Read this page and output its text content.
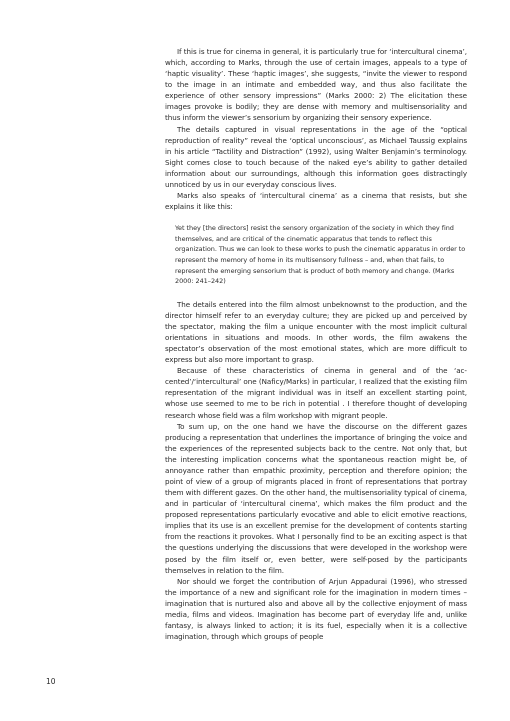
If this is true for cinema in general, it is particularly true for ‘intercultural cinema’, which, according to Marks, through the use of certain images, appeals to a type of ‘haptic visuality’. These ‘haptic images’, she suggests, “invite the viewer to respond to the image in an intimate and embedded way, and thus also facilitate the experience of other sensory impressions” (Marks 2000: 2) The elicitation these images provoke is bodily; they are dense with memory and multisensoriality and thus inform the viewer’s sensorium by organizing their sensory experience.

The details captured in visual representations in the age of the “optical reproduction of reality” reveal the ‘optical unconscious’, as Michael Taussig explains in his article “Tactility and Distraction” (1992), using Walter Benjamin’s terminology. Sight comes close to touch because of the naked eye’s ability to gather detailed information about our surroundings, although this information goes distractingly unnoticed by us in our everyday conscious lives.

Marks also speaks of ‘intercultural cinema’ as a cinema that resists, but she explains it like this:

Yet they [the directors] resist the sensory organization of the society in which they find themselves, and are critical of the cinematic apparatus that tends to reflect this organization. Thus we can look to these works to push the cinematic apparatus in order to represent the memory of home in its multisensory fullness – and, when that fails, to represent the emerging sensorium that is product of both memory and change. (Marks 2000: 241–242)

The details entered into the film almost unbeknownst to the production, and the director himself refer to an everyday culture; they are picked up and perceived by the spectator, making the film a unique encounter with the most implicit cultural orientations in situations and moods. In other words, the film awakens the spectator’s observation of the most emotional states, which are more difficult to express but also more important to grasp.

Because of these characteristics of cinema in general and of the ‘accented’/‘intercultural’ one (Naficy/Marks) in particular, I realized that the existing film representation of the migrant individual was in itself an excellent starting point, whose use seemed to me to be rich in potential . I therefore thought of developing research whose field was a film workshop with migrant people.

To sum up, on the one hand we have the discourse on the different gazes producing a representation that underlines the importance of bringing the voice and the experiences of the represented subjects back to the centre. Not only that, but the interesting implication concerns what the spontaneous reaction might be, of annoyance rather than empathic proximity, perception and therefore opinion; the point of view of a group of migrants placed in front of representations that portray them with different gazes. On the other hand, the multisensoriality typical of cinema, and in particular of ‘intercultural cinema’, which makes the film product and the proposed representations particularly evocative and able to elicit emotive reactions, implies that its use is an excellent premise for the development of contents starting from the reactions it provokes. What I personally find to be an exciting aspect is that the questions underlying the discussions that were developed in the workshop were posed by the film itself or, even better, were self-posed by the participants themselves in relation to the film.

Nor should we forget the contribution of Arjun Appadurai (1996), who stressed the importance of a new and significant role for the imagination in modern times – imagination that is nurtured also and above all by the collective enjoyment of mass media, films and videos. Imagination has become part of everyday life and, unlike fantasy, is always linked to action; it is its fuel, especially when it is a collective imagination, through which groups of people

10
